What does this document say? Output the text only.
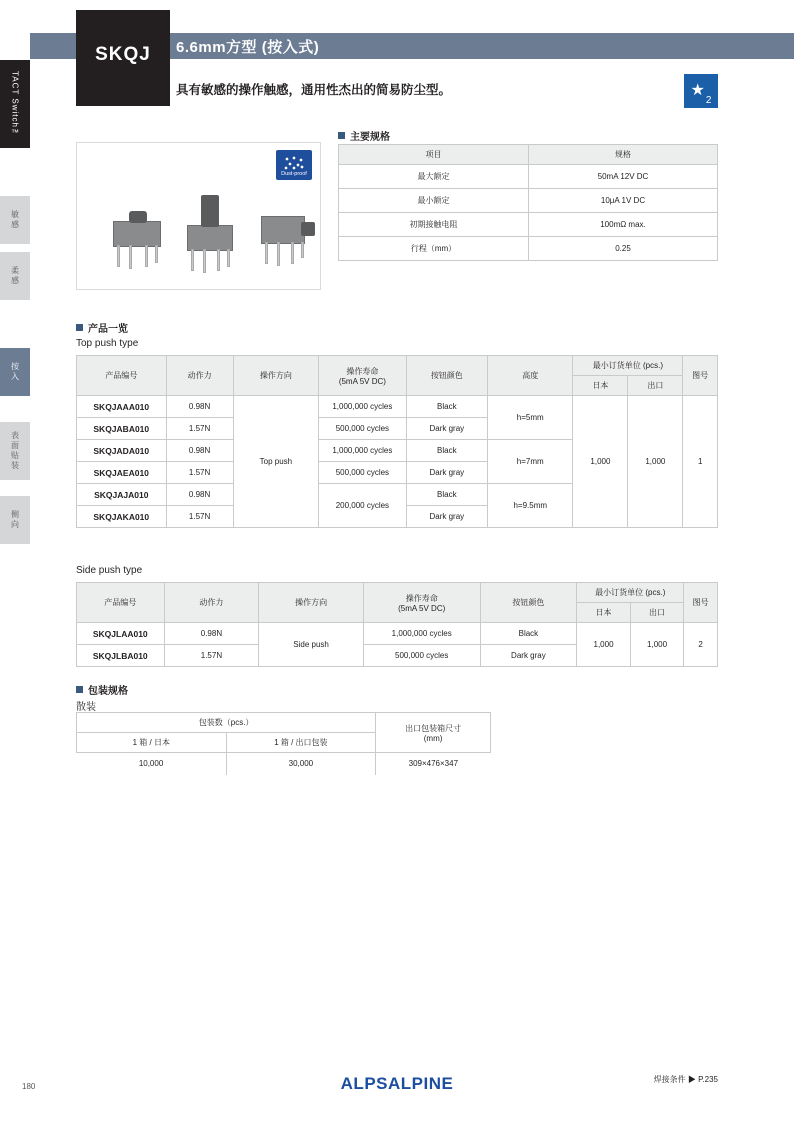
TACT Switch™
敏感
柔感
按入
表面贴装
侧向
SKQJ	6.6mm方型 (按入式)
具有敏感的操作触感，通用性杰出的简易防尘型。	★
2
Dust-proof
主要规格
项目	规格
最大额定	50mA 12V DC
最小额定	10μA 1V DC
初期接触电阻	100mΩ max.
行程（mm）	0.25
产品一览
Top push type
产品编号	动作力	操作方向	操作寿命
(5mA 5V DC)	按钮颜色	高度	最小订货单位 (pcs.)		图号
						日本	出口	
SKQJAAA010	0.98N	Top push	1,000,000 cycles	Black	h=5mm	1,000	1,000	1
SKQJABA010	1.57N		500,000 cycles	Dark gray				
SKQJADA010	0.98N		1,000,000 cycles	Black	h=7mm			
SKQJAEA010	1.57N		500,000 cycles	Dark gray				
SKQJAJA010	0.98N		200,000 cycles	Black	h=9.5mm			
SKQJAKA010	1.57N			Dark gray				
Side push type
产品编号	动作力	操作方向	操作寿命
(5mA 5V DC)	按钮颜色	最小订货单位 (pcs.)		图号
					日本	出口	
SKQJLAA010	0.98N	Side push	1,000,000 cycles	Black	1,000	1,000	2
SKQJLBA010	1.57N		500,000 cycles	Dark gray			
包装规格
散装
包装数（pcs.）		出口包装箱尺寸
(mm)

1 箱 / 日本	1 箱 / 出口包装	
10,000	30,000	309×476×347
180	ALPSALPINE	焊接条件 ▶ P.235
